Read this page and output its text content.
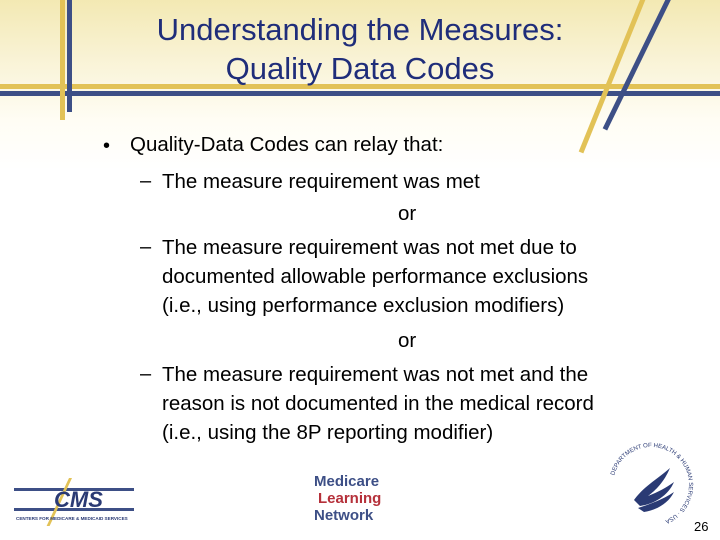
Understanding the Measures:
Quality Data Codes
• Quality-Data Codes can relay that:
– The measure requirement was met
or
– The measure requirement was not met due to
documented allowable performance exclusions
(i.e., using performance exclusion modifiers)
or
– The measure requirement was not met and the
reason is not documented in the medical record
(i.e., using the 8P reporting modifier)
CMS
CENTERS FOR MEDICARE & MEDICAID SERVICES
Medicare
Learning
Network
DEPARTMENT OF HEALTH & HUMAN SERVICES · USA	26
